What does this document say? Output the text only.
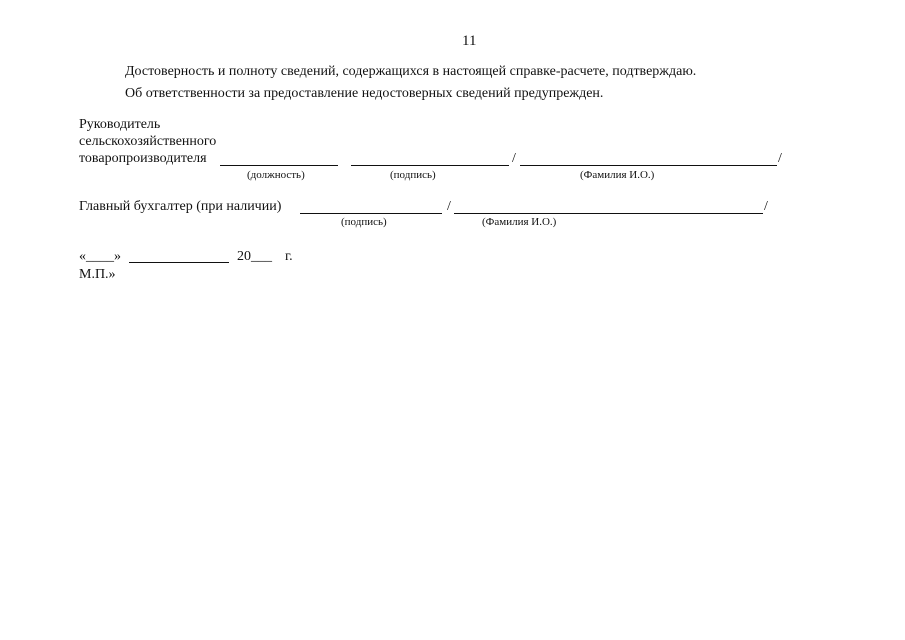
11
Достоверность и полноту сведений, содержащихся в настоящей справке-расчете, подтверждаю.
Об ответственности за предоставление недостоверных сведений предупрежден.
Руководитель
сельскохозяйственного
товаропроизводителя	/	/
(должность)	(подпись)	(Фамилия И.О.)
Главный бухгалтер (при наличии)	/	/
(подпись)	(Фамилия И.О.)
«____»	20___ г.
М.П.»
